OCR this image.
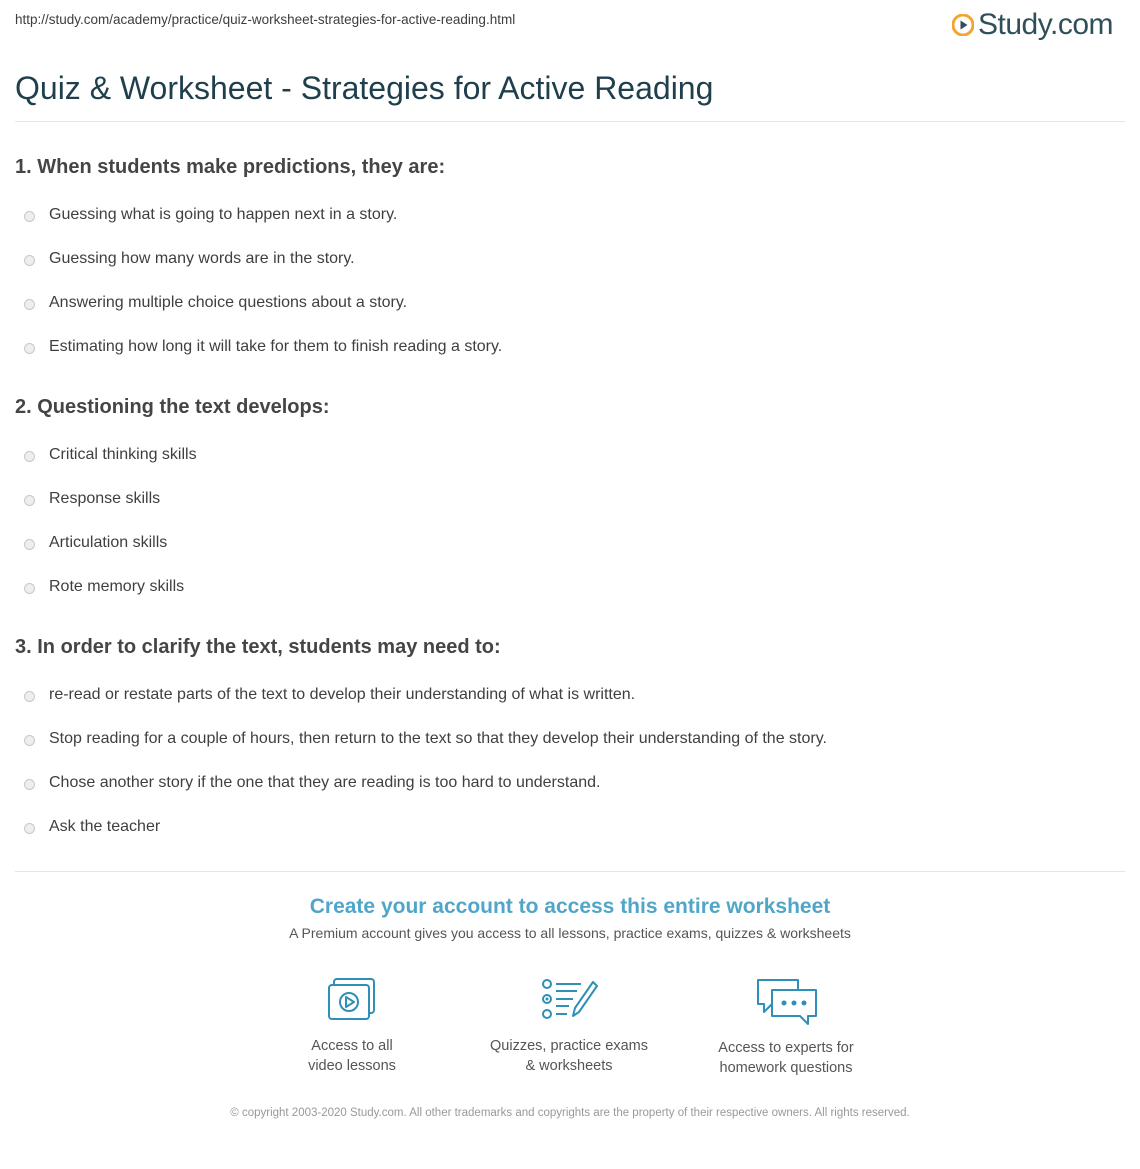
http://study.com/academy/practice/quiz-worksheet-strategies-for-active-reading.html	Study.com
Quiz & Worksheet - Strategies for Active Reading
1. When students make predictions, they are:
Guessing what is going to happen next in a story.
Guessing how many words are in the story.
Answering multiple choice questions about a story.
Estimating how long it will take for them to finish reading a story.
2. Questioning the text develops:
Critical thinking skills
Response skills
Articulation skills
Rote memory skills
3. In order to clarify the text, students may need to:
re-read or restate parts of the text to develop their understanding of what is written.
Stop reading for a couple of hours, then return to the text so that they develop their understanding of the story.
Chose another story if the one that they are reading is too hard to understand.
Ask the teacher
Create your account to access this entire worksheet
A Premium account gives you access to all lessons, practice exams, quizzes & worksheets
Access to all
video lessons
Quizzes, practice exams
& worksheets
Access to experts for
homework questions
© copyright 2003-2020 Study.com. All other trademarks and copyrights are the property of their respective owners. All rights reserved.
